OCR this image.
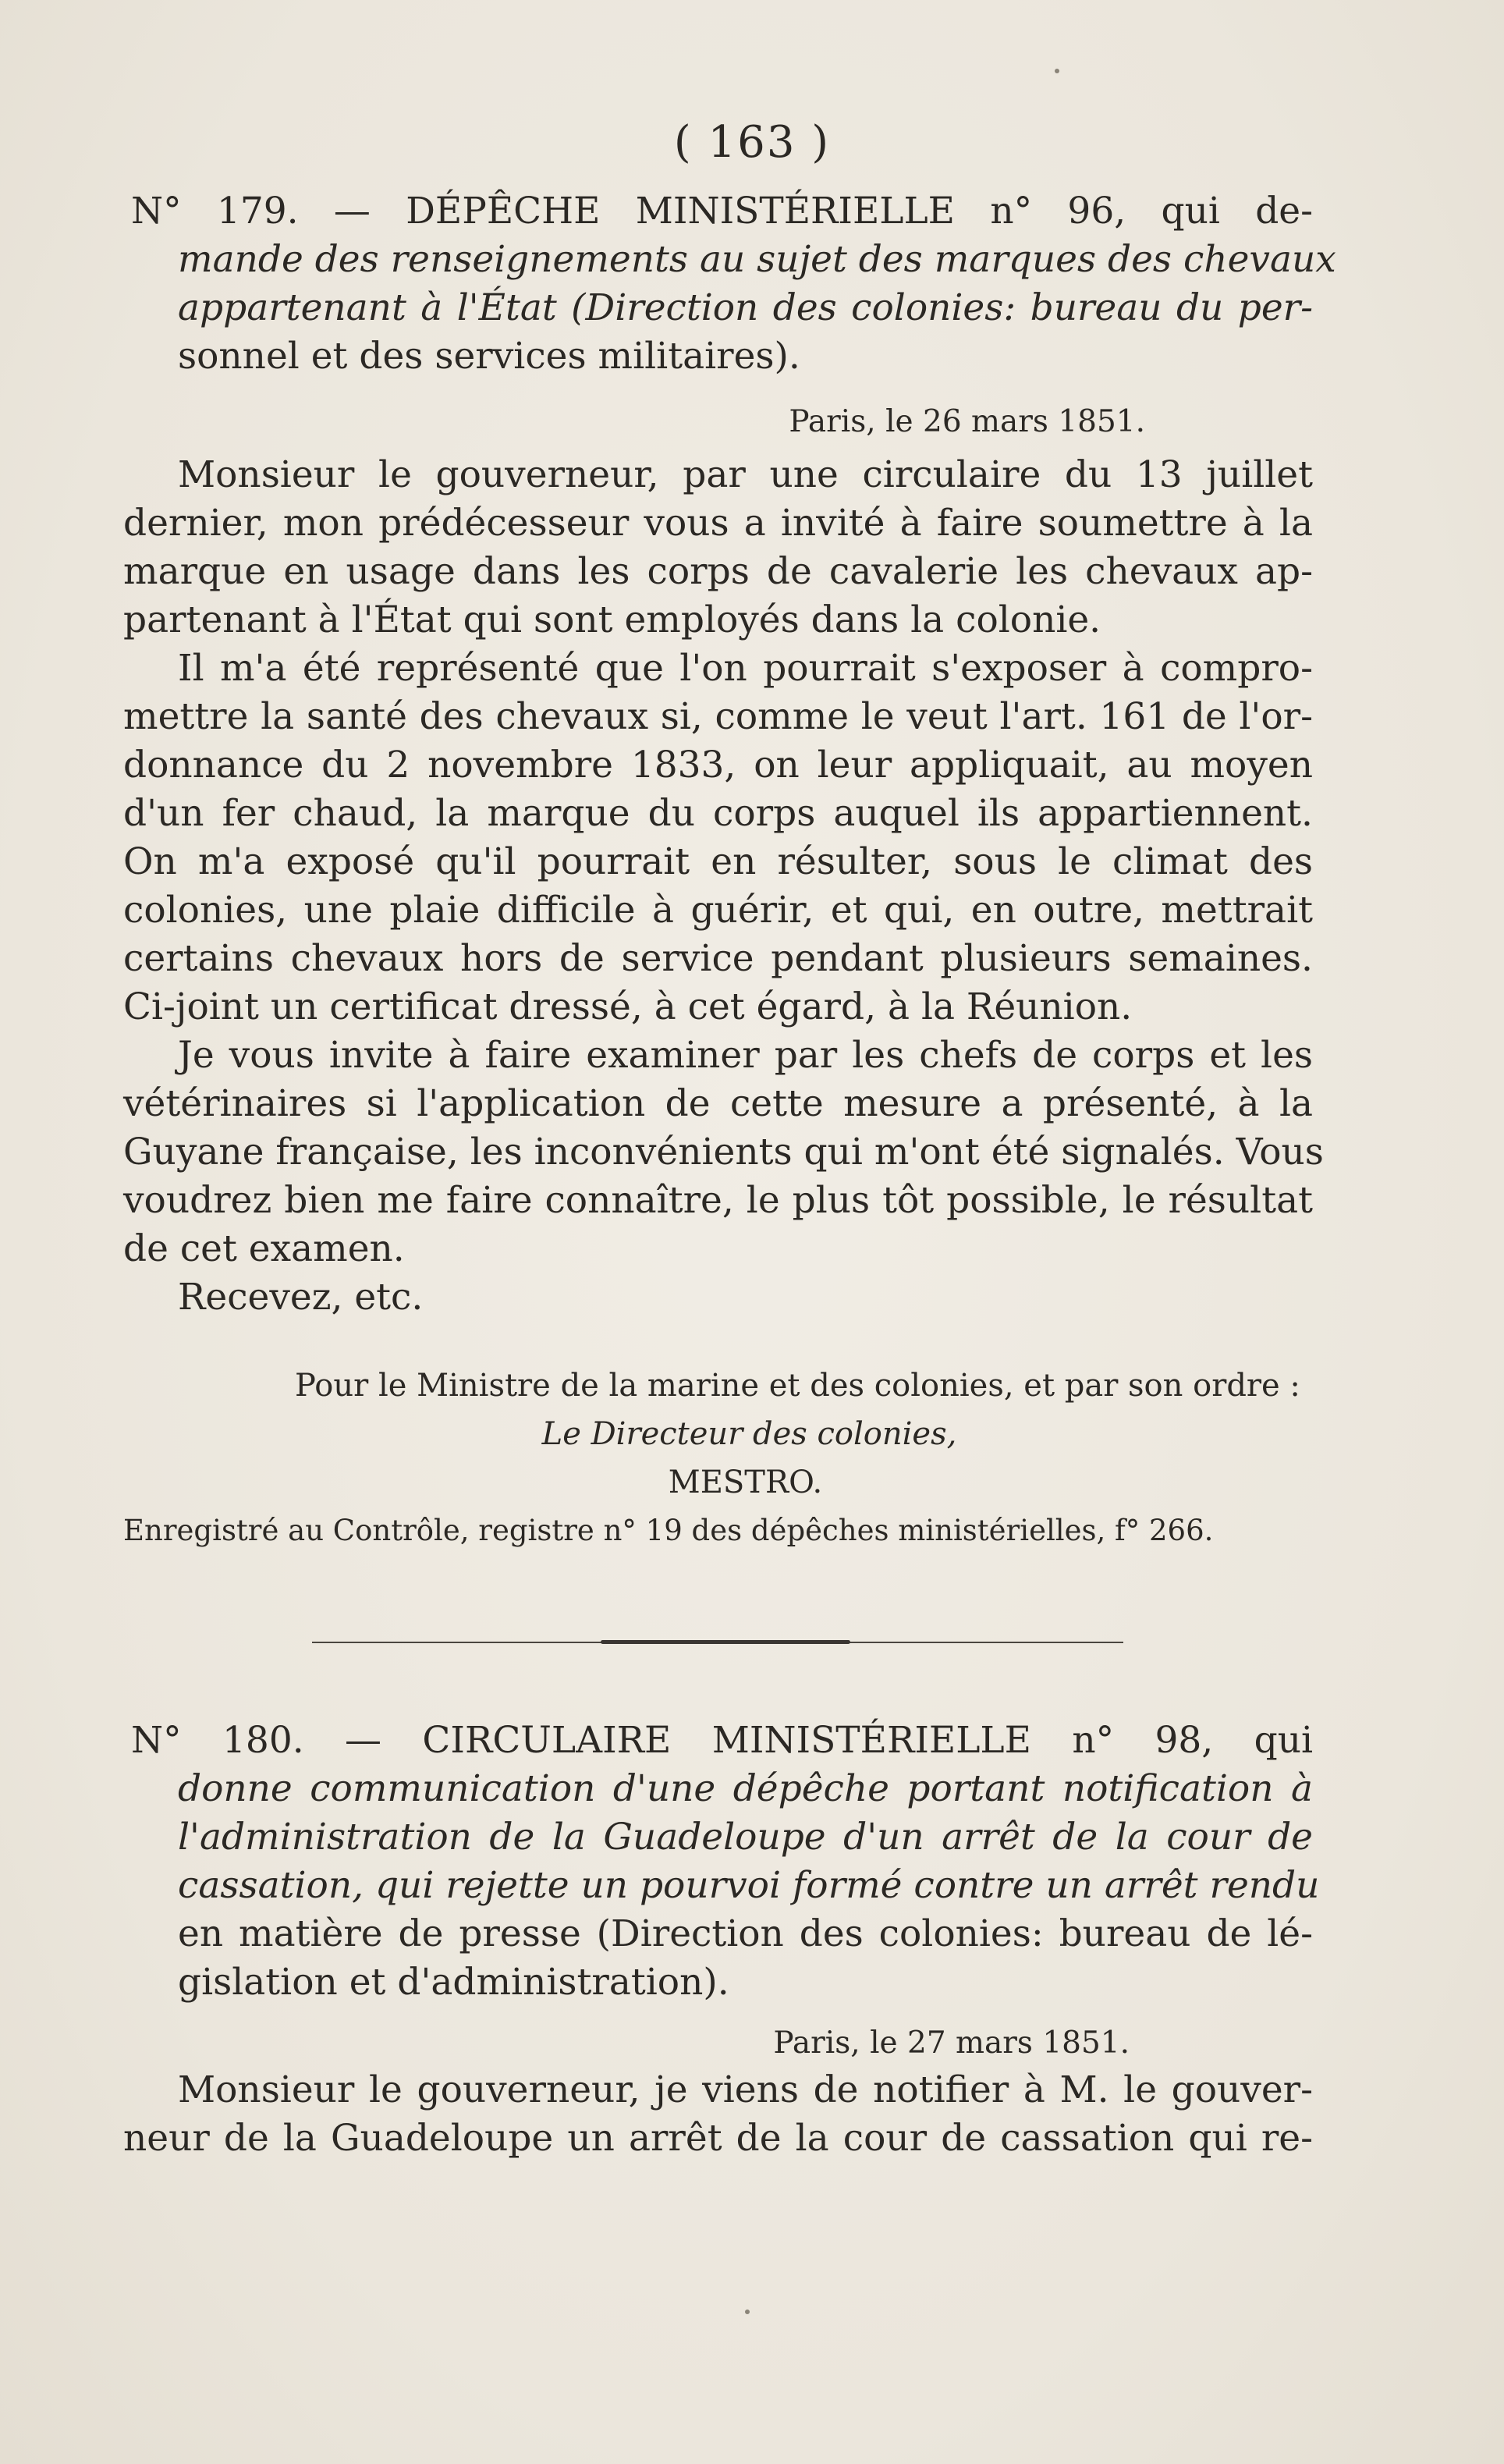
( 163 )
N° 179. — DÉPÊCHE MINISTÉRIELLE n° 96, qui de-
mande des renseignements au sujet des marques des chevaux
appartenant à l'État (Direction des colonies: bureau du per-
sonnel et des services militaires).
Paris, le 26 mars 1851.
Monsieur le gouverneur, par une circulaire du 13 juillet
dernier, mon prédécesseur vous a invité à faire soumettre à la
marque en usage dans les corps de cavalerie les chevaux ap-
partenant à l'État qui sont employés dans la colonie.
Il m'a été représenté que l'on pourrait s'exposer à compro-
mettre la santé des chevaux si, comme le veut l'art. 161 de l'or-
donnance du 2 novembre 1833, on leur appliquait, au moyen
d'un fer chaud, la marque du corps auquel ils appartiennent.
On m'a exposé qu'il pourrait en résulter, sous le climat des
colonies, une plaie difficile à guérir, et qui, en outre, mettrait
certains chevaux hors de service pendant plusieurs semaines.
Ci-joint un certificat dressé, à cet égard, à la Réunion.
Je vous invite à faire examiner par les chefs de corps et les
vétérinaires si l'application de cette mesure a présenté, à la
Guyane française, les inconvénients qui m'ont été signalés. Vous
voudrez bien me faire connaître, le plus tôt possible, le résultat
de cet examen.
Recevez, etc.
Pour le Ministre de la marine et des colonies, et par son ordre :
Le Directeur des colonies,
MESTRO.
Enregistré au Contrôle, registre n° 19 des dépêches ministérielles, f° 266.
N° 180. — CIRCULAIRE MINISTÉRIELLE n° 98, qui
donne communication d'une dépêche portant notification à
l'administration de la Guadeloupe d'un arrêt de la cour de
cassation, qui rejette un pourvoi formé contre un arrêt rendu
en matière de presse (Direction des colonies: bureau de lé-
gislation et d'administration).
Paris, le 27 mars 1851.
Monsieur le gouverneur, je viens de notifier à M. le gouver-
neur de la Guadeloupe un arrêt de la cour de cassation qui re-
